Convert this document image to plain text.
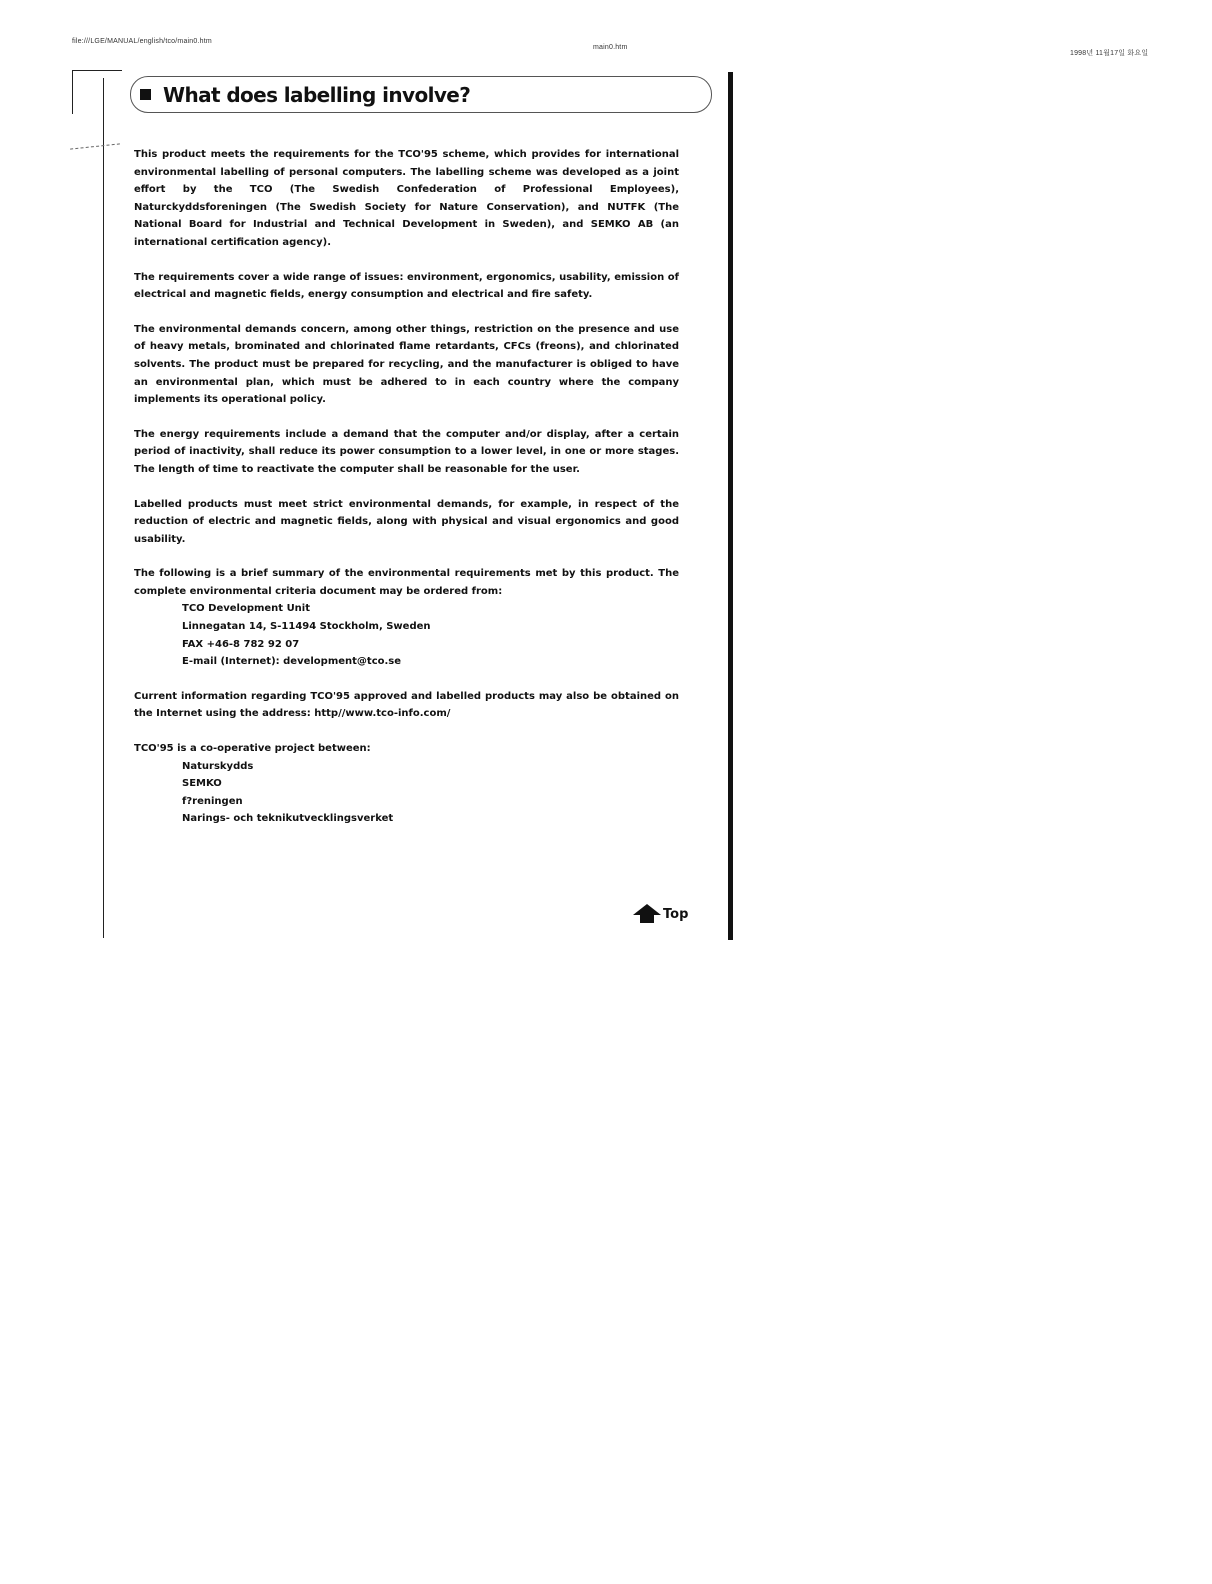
file:///LGE/MANUAL/english/tco/main0.htm
main0.htm
1998년 11월17일 화요일
What does labelling involve?

This product meets the requirements for the TCO'95 scheme, which provides for international environmental labelling of personal computers. The labelling scheme was developed as a joint effort by the TCO (The Swedish Confederation of Professional Employees), Naturckyddsforeningen (The Swedish Society for Nature Conservation), and NUTFK (The National Board for Industrial and Technical Development in Sweden), and SEMKO AB (an international certification agency).

The requirements cover a wide range of issues: environment, ergonomics, usability, emission of electrical and magnetic fields, energy consumption and electrical and fire safety.

The environmental demands concern, among other things, restriction on the presence and use of heavy metals, brominated and chlorinated flame retardants, CFCs (freons), and chlorinated solvents. The product must be prepared for recycling, and the manufacturer is obliged to have an environmental plan, which must be adhered to in each country where the company implements its operational policy.

The energy requirements include a demand that the computer and/or display, after a certain period of inactivity, shall reduce its power consumption to a lower level, in one or more stages. The length of time to reactivate the computer shall be reasonable for the user.

Labelled products must meet strict environmental demands, for example, in respect of the reduction of electric and magnetic fields, along with physical and visual ergonomics and good usability.

The following is a brief summary of the environmental requirements met by this product. The complete environmental criteria document may be ordered from:

TCO Development Unit
Linnegatan 14, S-11494 Stockholm, Sweden
FAX +46-8 782 92 07
E-mail (Internet): development@tco.se

Current information regarding TCO'95 approved and labelled products may also be obtained on the Internet using the address: http//www.tco-info.com/

TCO'95 is a co-operative project between:

Naturskydds
SEMKO
f?reningen
Narings- och teknikutvecklingsverket
Top
